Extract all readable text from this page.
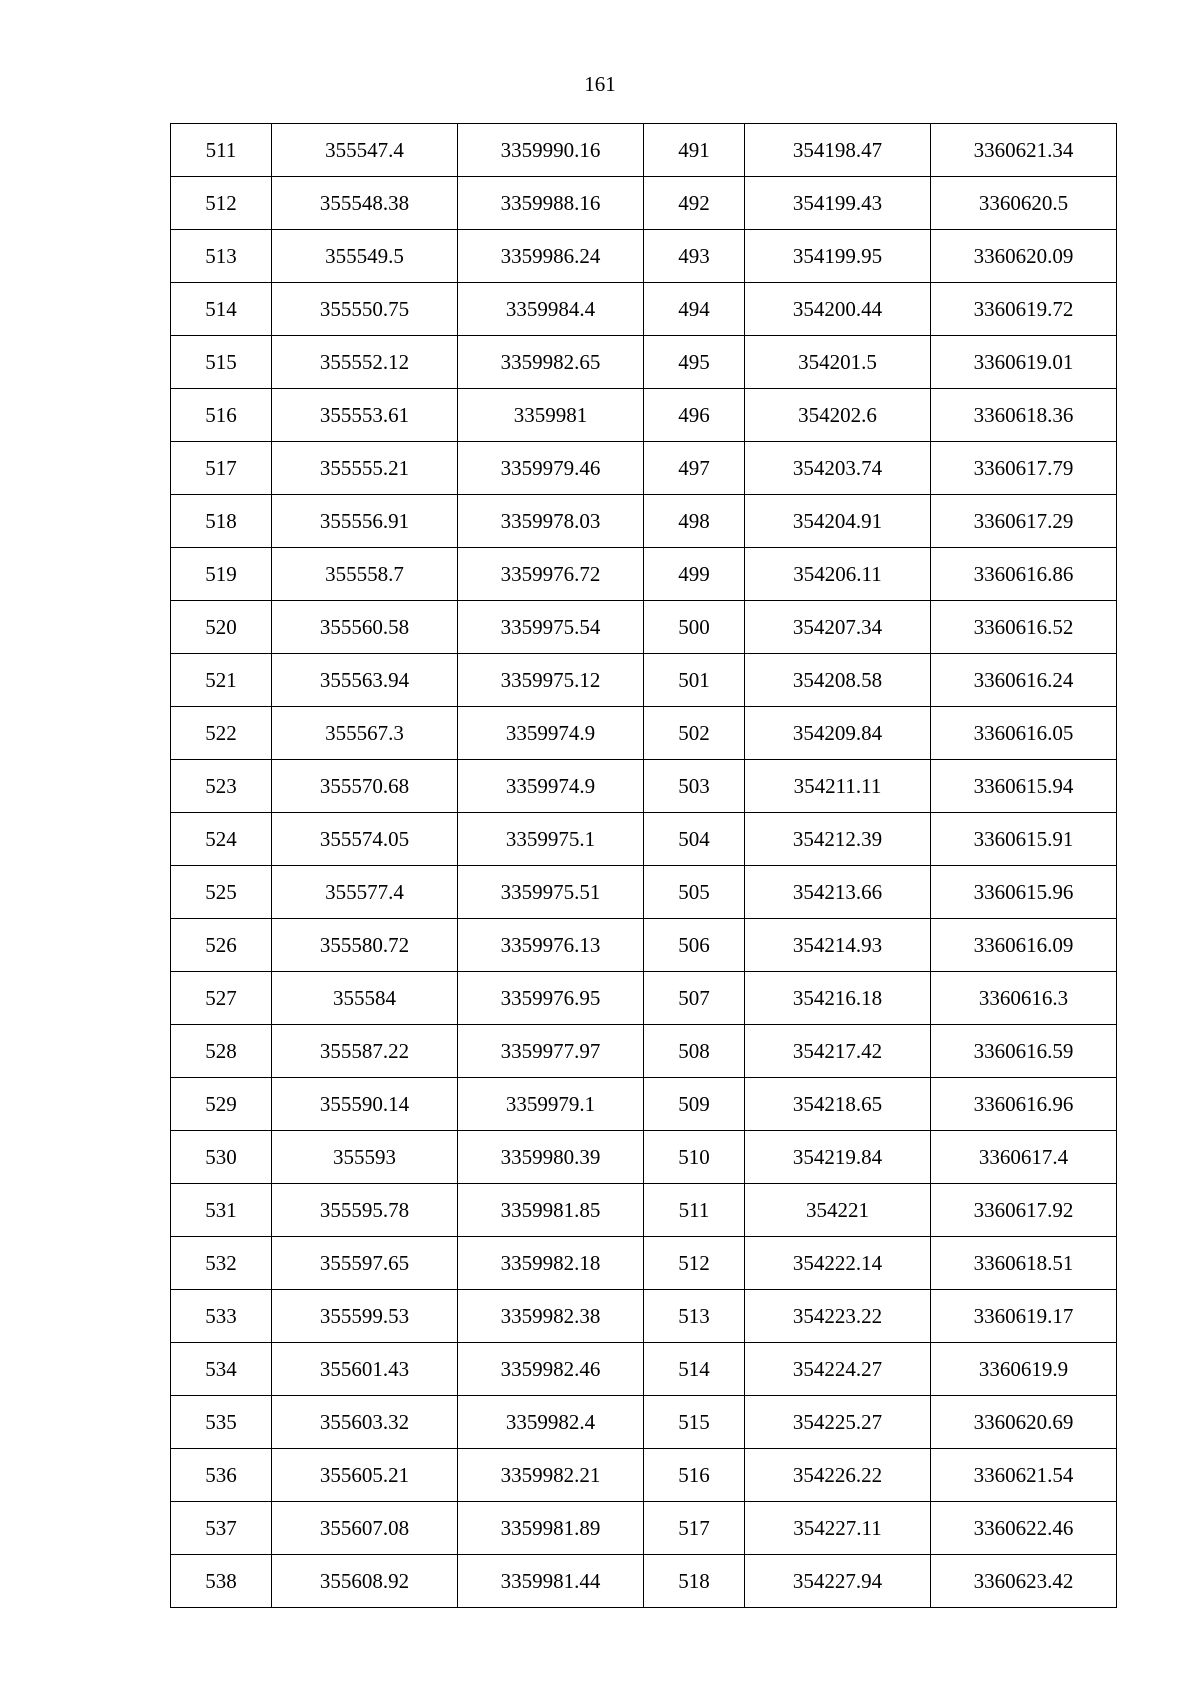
161
511	355547.4	3359990.16	491	354198.47	3360621.34
512	355548.38	3359988.16	492	354199.43	3360620.5
513	355549.5	3359986.24	493	354199.95	3360620.09
514	355550.75	3359984.4	494	354200.44	3360619.72
515	355552.12	3359982.65	495	354201.5	3360619.01
516	355553.61	3359981	496	354202.6	3360618.36
517	355555.21	3359979.46	497	354203.74	3360617.79
518	355556.91	3359978.03	498	354204.91	3360617.29
519	355558.7	3359976.72	499	354206.11	3360616.86
520	355560.58	3359975.54	500	354207.34	3360616.52
521	355563.94	3359975.12	501	354208.58	3360616.24
522	355567.3	3359974.9	502	354209.84	3360616.05
523	355570.68	3359974.9	503	354211.11	3360615.94
524	355574.05	3359975.1	504	354212.39	3360615.91
525	355577.4	3359975.51	505	354213.66	3360615.96
526	355580.72	3359976.13	506	354214.93	3360616.09
527	355584	3359976.95	507	354216.18	3360616.3
528	355587.22	3359977.97	508	354217.42	3360616.59
529	355590.14	3359979.1	509	354218.65	3360616.96
530	355593	3359980.39	510	354219.84	3360617.4
531	355595.78	3359981.85	511	354221	3360617.92
532	355597.65	3359982.18	512	354222.14	3360618.51
533	355599.53	3359982.38	513	354223.22	3360619.17
534	355601.43	3359982.46	514	354224.27	3360619.9
535	355603.32	3359982.4	515	354225.27	3360620.69
536	355605.21	3359982.21	516	354226.22	3360621.54
537	355607.08	3359981.89	517	354227.11	3360622.46
538	355608.92	3359981.44	518	354227.94	3360623.42
